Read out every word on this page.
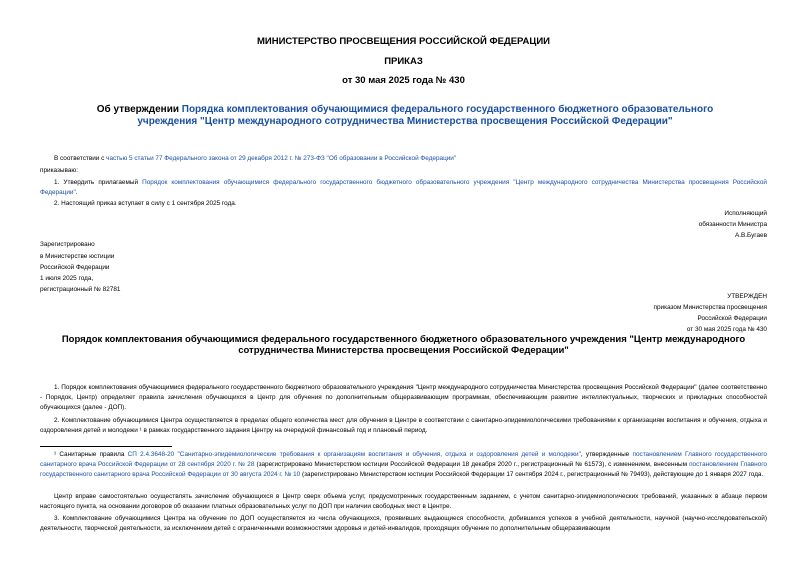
МИНИСТЕРСТВО ПРОСВЕЩЕНИЯ РОССИЙСКОЙ ФЕДЕРАЦИИ
ПРИКАЗ
от 30 мая 2025 года № 430
Об утверждении Порядка комплектования обучающимися федерального государственного бюджетного образовательного учреждения "Центр международного сотрудничества Министерства просвещения Российской Федерации"
В соответствии с частью 5 статьи 77 Федерального закона от 29 декабря 2012 г. № 273-ФЗ "Об образовании в Российской Федерации"
приказываю:
1. Утвердить прилагаемый Порядок комплектования обучающимися федерального государственного бюджетного образовательного учреждения "Центр международного сотрудничества Министерства просвещения Российской Федерации".
2. Настоящий приказ вступает в силу с 1 сентября 2025 года.
Исполняющий
обязанности Министра
А.В.Бугаев
Зарегистрировано
в Министерстве юстиции
Российской Федерации
1 июля 2025 года,
регистрационный № 82781
УТВЕРЖДЕН
приказом Министерства просвещения
Российской Федерации
от 30 мая 2025 года № 430
Порядок комплектования обучающимися федерального государственного бюджетного образовательного учреждения "Центр международного сотрудничества Министерства просвещения Российской Федерации"
1. Порядок комплектования обучающимися федерального государственного бюджетного образовательного учреждения "Центр международного сотрудничества Министерства просвещения Российской Федерации" (далее соответственно - Порядок, Центр) определяет правила зачисления обучающихся в Центр для обучения по дополнительным общеразвивающим программам, обеспечивающим развитие интеллектуальных, творческих и прикладных способностей обучающихся (далее - ДОП).
2. Комплектование обучающимися Центра осуществляется в пределах общего количества мест для обучения в Центре в соответствии с санитарно-эпидемиологическими требованиями к организациям воспитания и обучения, отдыха и оздоровления детей и молодежи ¹ в рамках государственного задания Центру на очередной финансовый год и плановый период.
¹ Санитарные правила СП 2.4.3648-20 "Санитарно-эпидемиологические требования к организациям воспитания и обучения, отдыха и оздоровления детей и молодежи", утвержденные постановлением Главного государственного санитарного врача Российской Федерации от 28 сентября 2020 г. № 28 (зарегистрировано Министерством юстиции Российской Федерации 18 декабря 2020 г., регистрационный № 61573), с изменением, внесенным постановлением Главного государственного санитарного врача Российской Федерации от 30 августа 2024 г. № 10 (зарегистрировано Министерством юстиции Российской Федерации 17 сентября 2024 г., регистрационный № 79493), действующие до 1 января 2027 года.
Центр вправе самостоятельно осуществлять зачисление обучающихся в Центр сверх объема услуг, предусмотренных государственным заданием, с учетом санитарно-эпидемиологических требований, указанных в абзаце первом настоящего пункта, на основании договоров об оказании платных образовательных услуг по ДОП при наличии свободных мест в Центре.
3. Комплектование обучающимися Центра на обучение по ДОП осуществляется из числа обучающихся, проявивших выдающиеся способности, добившихся успехов в учебной деятельности, научной (научно-исследовательской) деятельности, творческой деятельности, за исключением детей с ограниченными возможностями здоровья и детей-инвалидов, проходящих обучение по дополнительным общеразвивающим
